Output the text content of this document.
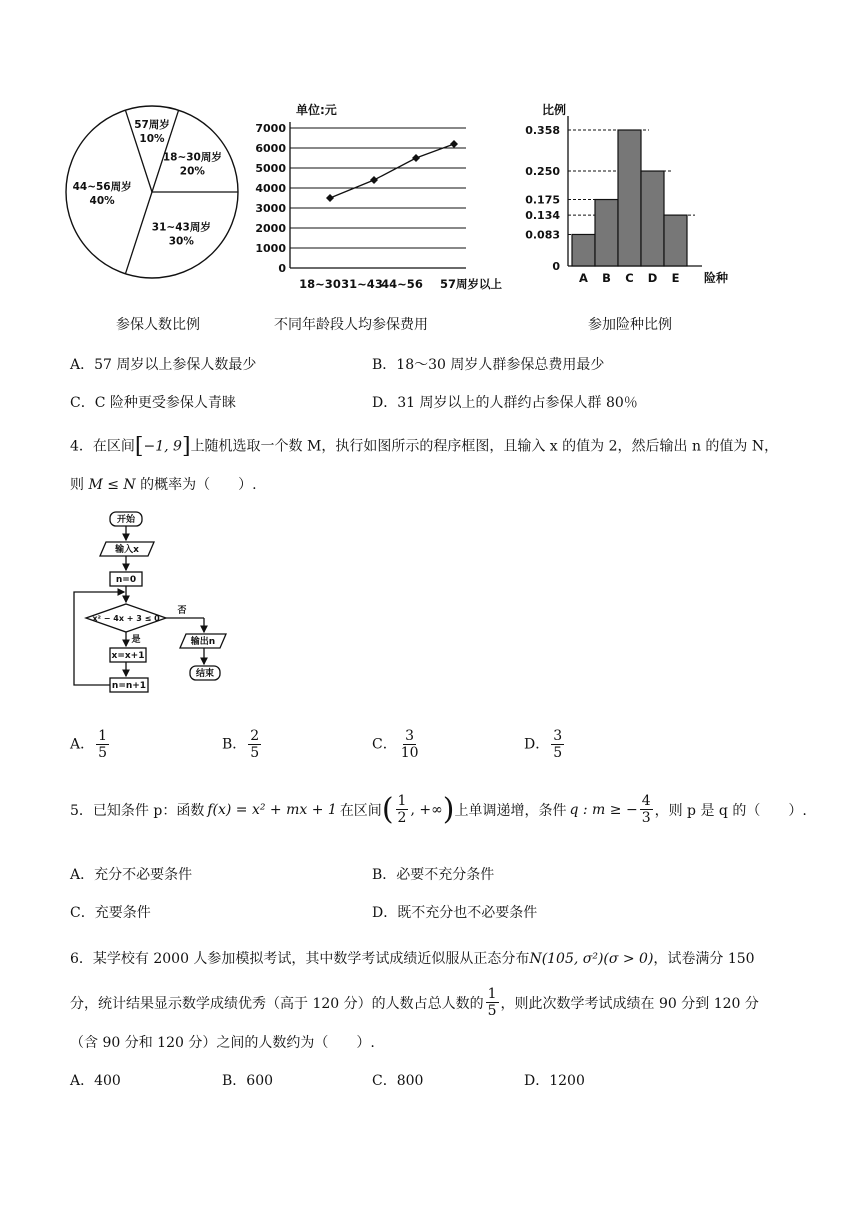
57周岁
10%
18~30周岁
20%
31~43周岁
30%
44~56周岁
40%
单位:元
7000
6000
5000
4000
3000
2000
1000
0
18~30 31~43
44~56 57周岁以上
比例
0.358
0.250
0.175
0.134
0.083
0
A B C D E 险种
参保人数比例	不同年龄段人均参保费用	参加险种比例
A．57 周岁以上参保人数最少	B．18～30 周岁人群参保总费用最少
C．C 险种更受参保人青睐	D．31 周岁以上的人群约占参保人群 80％
4．在区间[−1, 9]上随机选取一个数 M，执行如图所示的程序框图，且输入 x 的值为 2，然后输出 n 的值为 N，
则 M ≤ N 的概率为（　　）.
开始
输入x
n=0
x² − 4x + 3 ≤ 0
否
是
x=x+1
n=n+1
输出n
结束
A． $\frac{1}{5}$	B． $\frac{2}{5}$	C． $\frac{3}{10}$	D． $\frac{3}{5}$
5．已知条件 p：函数 f(x) = x² + mx + 1 在区间 ( $\frac{1}{2}$ , +∞ ) 上单调递增，条件 q : m ≥ − $\frac{4}{3}$ ，则 p 是 q 的（　　）.
A．充分不必要条件	B．必要不充分条件
C．充要条件	D．既不充分也不必要条件
6．某学校有 2000 人参加模拟考试，其中数学考试成绩近似服从正态分布N(105, σ²)(σ > 0)，试卷满分 150
分，统计结果显示数学成绩优秀（高于 120 分）的人数占总人数的 $\frac{1}{5}$ ，则此次数学考试成绩在 90 分到 120 分
（含 90 分和 120 分）之间的人数约为（　　）.
A．400	B．600	C．800	D．1200
